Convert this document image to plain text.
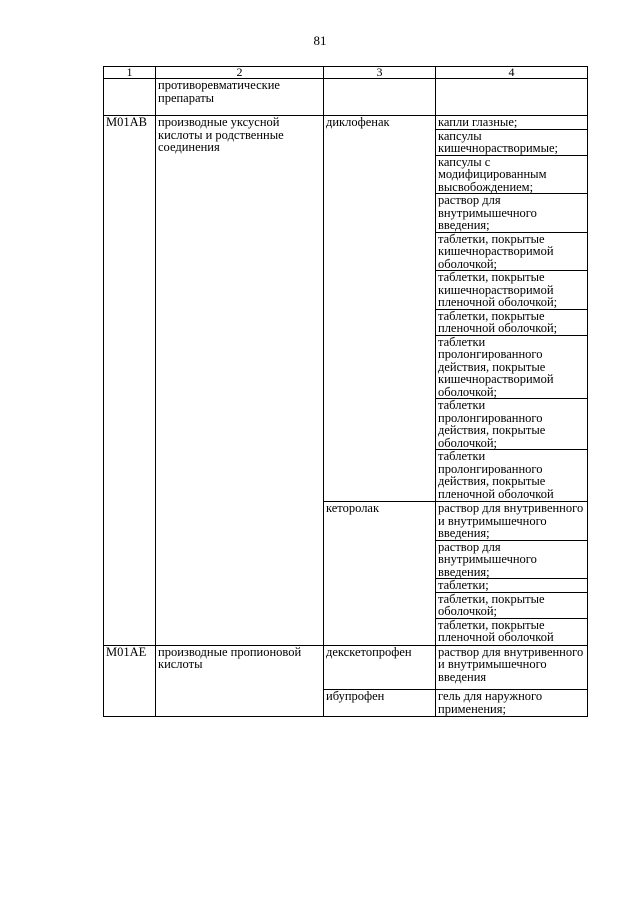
81
1	2	3	4
	противоревматические препараты		
M01AB	производные уксусной кислоты и родственные соединения	диклофенак	капли глазные;
			капсулы кишечнорастворимые;
			капсулы с модифицированным высвобождением;
			раствор для внутримышечного введения;
			таблетки, покрытые кишечнорастворимой оболочкой;
			таблетки, покрытые кишечнорастворимой пленочной оболочкой;
			таблетки, покрытые пленочной оболочкой;
			таблетки пролонгированного действия, покрытые кишечнорастворимой оболочкой;
			таблетки пролонгированного действия, покрытые оболочкой;
			таблетки пролонгированного действия, покрытые пленочной оболочкой
		кеторолак	раствор для внутривенного и внутримышечного введения;
			раствор для внутримышечного введения;
			таблетки;
			таблетки, покрытые оболочкой;
			таблетки, покрытые пленочной оболочкой
M01AE	производные пропионовой кислоты	декскетопрофен	раствор для внутривенного и внутримышечного введения
		ибупрофен	гель для наружного применения;
